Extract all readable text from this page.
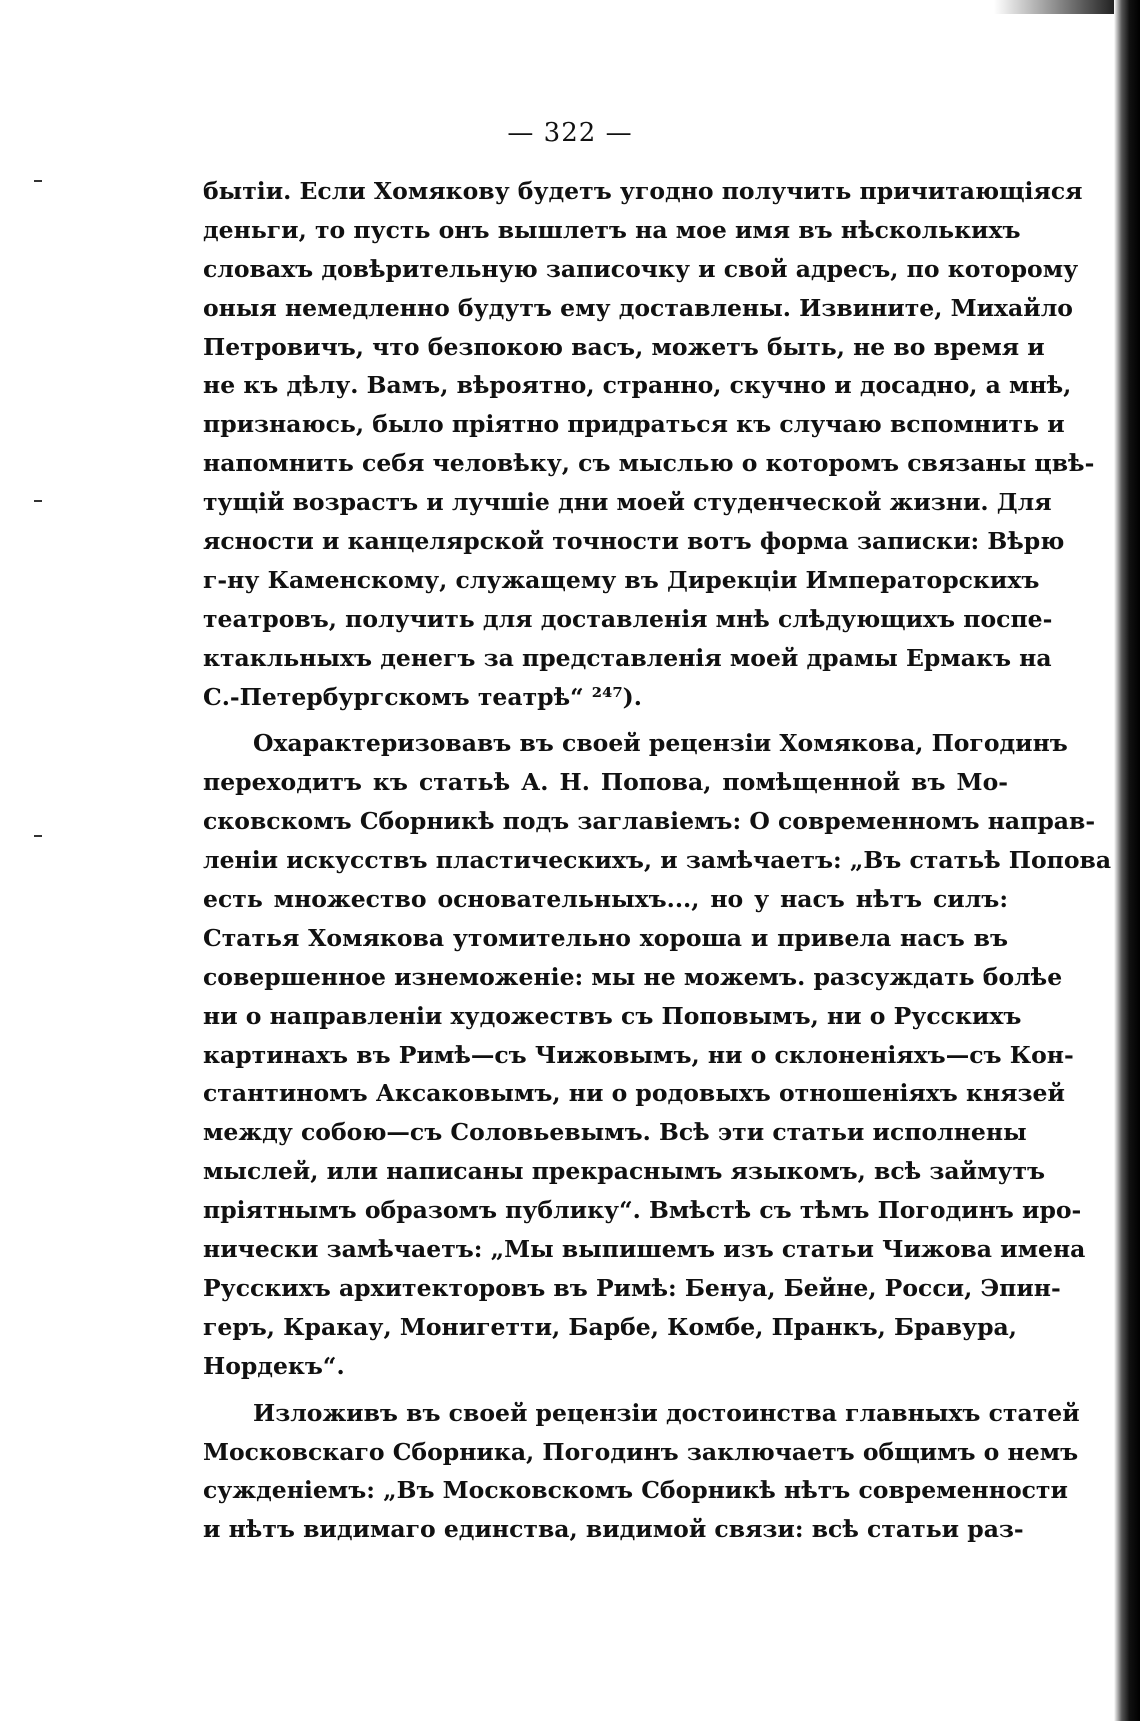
— 322 —
бытіи. Если Хомякову будетъ угодно получить причитающіяся
деньги, то пусть онъ вышлетъ на мое имя въ нѣсколькихъ
словахъ довѣрительную записочку и свой адресъ, по которому
оныя немедленно будутъ ему доставлены. Извините, Михайло
Петровичъ, что безпокою васъ, можетъ быть, не во время и
не къ дѣлу. Вамъ, вѣроятно, странно, скучно и досадно, а мнѣ,
признаюсь, было пріятно придраться къ случаю вспомнить и
напомнить себя человѣку, съ мыслью о которомъ связаны цвѣ-
тущій возрастъ и лучшіе дни моей студенческой жизни. Для
ясности и канцелярской точности вотъ форма записки: Вѣрю
г-ну Каменскому, служащему въ Дирекціи Императорскихъ
театровъ, получить для доставленія мнѣ слѣдующихъ поспе-
ктакльныхъ денегъ за представленія моей драмы Ермакъ на
С.-Петербургскомъ театрѣ“ ²⁴⁷).
Охарактеризовавъ въ своей рецензіи Хомякова, Погодинъ
переходитъ къ статьѣ А. Н. Попова, помѣщенной въ Мо-
сковскомъ Сборникѣ подъ заглавіемъ: О современномъ направ-
леніи искусствъ пластическихъ, и замѣчаетъ: „Въ статьѣ Попова
есть множество основательныхъ..., но у насъ нѣтъ силъ:
Статья Хомякова утомительно хороша и привела насъ въ
совершенное изнеможеніе: мы не можемъ. разсуждать болѣе
ни о направленіи художествъ съ Поповымъ, ни о Русскихъ
картинахъ въ Римѣ—съ Чижовымъ, ни о склоненіяхъ—съ Кон-
стантиномъ Аксаковымъ, ни о родовыхъ отношеніяхъ князей
между собою—съ Соловьевымъ. Всѣ эти статьи исполнены
мыслей, или написаны прекраснымъ языкомъ, всѣ займутъ
пріятнымъ образомъ публику“. Вмѣстѣ съ тѣмъ Погодинъ иро-
нически замѣчаетъ: „Мы выпишемъ изъ статьи Чижова имена
Русскихъ архитекторовъ въ Римѣ: Бенуа, Бейне, Росси, Эпин-
геръ, Кракау, Монигетти, Барбе, Комбе, Пранкъ, Бравура,
Нордекъ“.
Изложивъ въ своей рецензіи достоинства главныхъ статей
Московскаго Сборника, Погодинъ заключаетъ общимъ о немъ
сужденіемъ: „Въ Московскомъ Сборникѣ нѣтъ современности
и нѣтъ видимаго единства, видимой связи: всѣ статьи раз-
